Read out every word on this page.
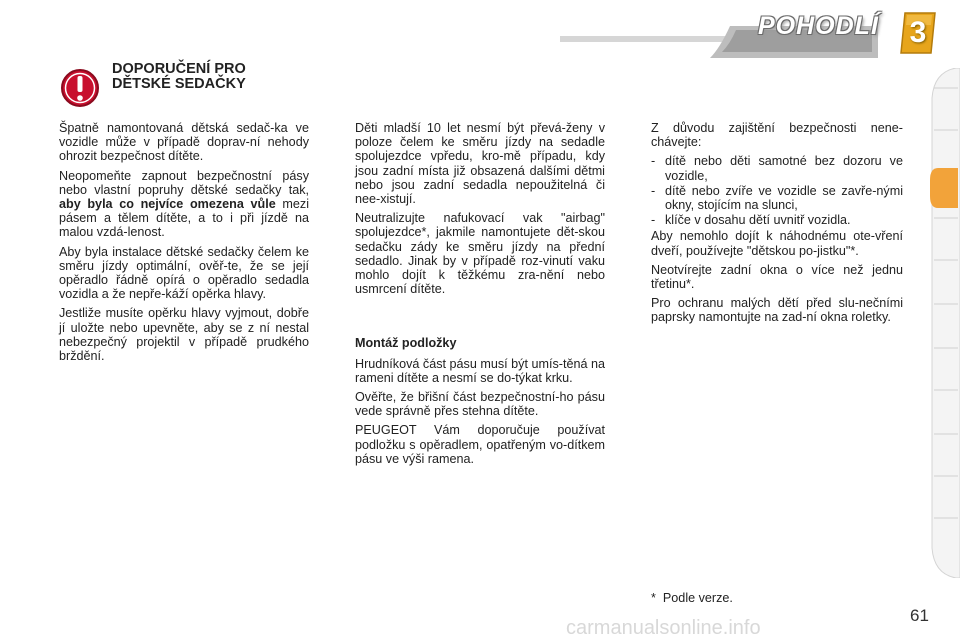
POHODLÍ	3
DOPORUČENÍ PRO
DĚTSKÉ SEDAČKY

Špatně namontovaná dětská sedač-ka ve vozidle může v případě doprav-ní nehody ohrozit bezpečnost dítěte.

Neopomeňte zapnout bezpečnostní pásy nebo vlastní popruhy dětské sedačky tak, aby byla co nejvíce omezena vůle mezi pásem a tělem dítěte, a to i při jízdě na malou vzdá-lenost.

Aby byla instalace dětské sedačky čelem ke směru jízdy optimální, ověř-te, že se její opěradlo řádně opírá o opěradlo sedadla vozidla a že nepře-káží opěrka hlavy.

Jestliže musíte opěrku hlavy vyjmout, dobře jí uložte nebo upevněte, aby se z ní nestal nebezpečný projektil v případě prudkého brždění.

Děti mladší 10 let nesmí být převá-ženy v poloze čelem ke směru jízdy na sedadle spolujezdce vpředu, kro-mě případu, kdy jsou zadní místa již obsazená dalšími dětmi nebo jsou zadní sedadla nepoužitelná či nee-xistují.

Neutralizujte nafukovací vak "airbag" spolujezdce*, jakmile namontujete dět-skou sedačku zády ke směru jízdy na přední sedadlo. Jinak by v případě roz-vinutí vaku mohlo dojít k těžkému zra-nění nebo usmrcení dítěte.

Montáž podložky

Hrudníková část pásu musí být umís-těná na rameni dítěte a nesmí se do-týkat krku.

Ověřte, že břišní část bezpečnostní-ho pásu vede správně přes stehna dítěte.

PEUGEOT Vám doporučuje používat podložku s opěradlem, opatřeným vo-dítkem pásu ve výši ramena.

Z důvodu zajištění bezpečnosti nene-chávejte:

- dítě nebo děti samotné bez dozoru ve vozidle,

- dítě nebo zvíře ve vozidle se zavře-nými okny, stojícím na slunci,

- klíče v dosahu dětí uvnitř vozidla.

Aby nemohlo dojít k náhodnému ote-vření dveří, používejte "dětskou po-jistku"*.

Neotvírejte zadní okna o více než jednu třetinu*.

Pro ochranu malých dětí před slu-nečními paprsky namontujte na zad-ní okna roletky.

* Podle verze.
61
carmanualsonline.info
